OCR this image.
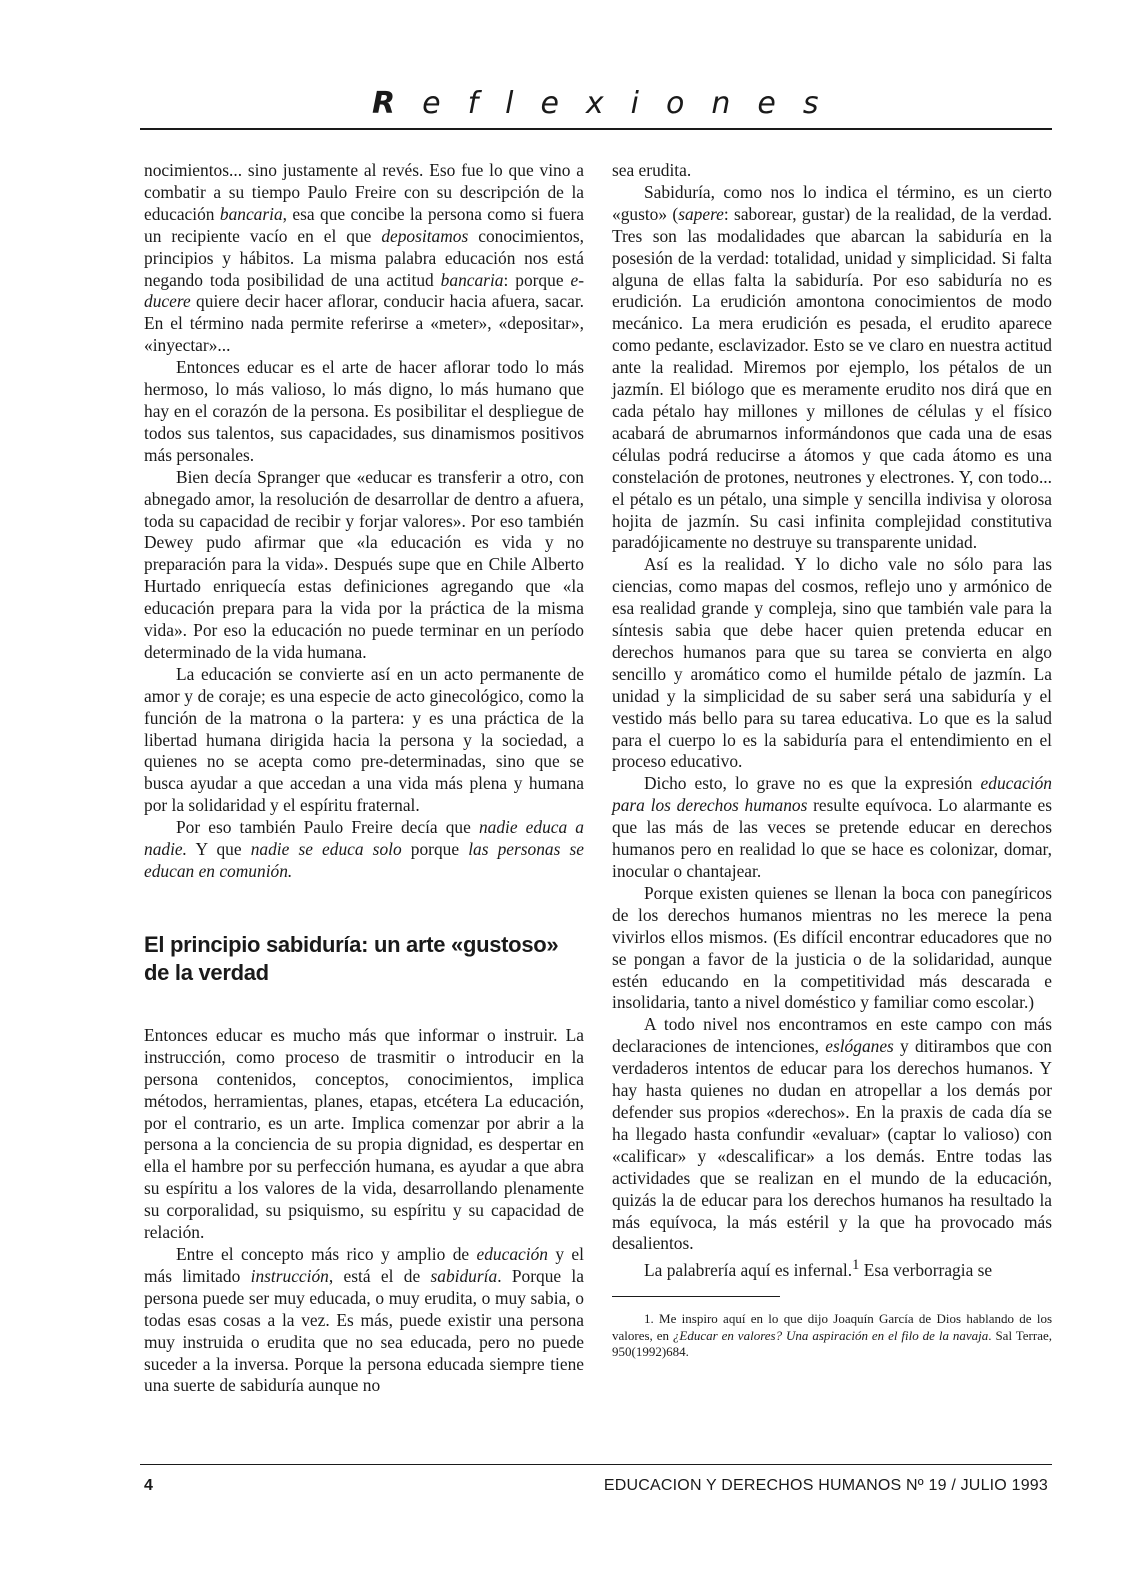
Reflexiones

nocimientos... sino justamente al revés. Eso fue lo que vino a combatir a su tiempo Paulo Freire con su descripción de la educación bancaria, esa que concibe la persona como si fuera un recipiente vacío en el que depositamos conocimientos, principios y hábitos. La misma palabra educación nos está negando toda posibilidad de una actitud bancaria: porque e-ducere quiere decir hacer aflorar, conducir hacia afuera, sacar. En el término nada permite referirse a «meter», «depositar», «inyectar»...

Entonces educar es el arte de hacer aflorar todo lo más hermoso, lo más valioso, lo más digno, lo más humano que hay en el corazón de la persona. Es posibilitar el despliegue de todos sus talentos, sus capacidades, sus dinamismos positivos más personales.

Bien decía Spranger que «educar es transferir a otro, con abnegado amor, la resolución de desarrollar de dentro a afuera, toda su capacidad de recibir y forjar valores». Por eso también Dewey pudo afirmar que «la educación es vida y no preparación para la vida». Después supe que en Chile Alberto Hurtado enriquecía estas definiciones agregando que «la educación prepara para la vida por la práctica de la misma vida». Por eso la educación no puede terminar en un período determinado de la vida humana.

La educación se convierte así en un acto permanente de amor y de coraje; es una especie de acto ginecológico, como la función de la matrona o la partera: y es una práctica de la libertad humana dirigida hacia la persona y la sociedad, a quienes no se acepta como pre-determinadas, sino que se busca ayudar a que accedan a una vida más plena y humana por la solidaridad y el espíritu fraternal.

Por eso también Paulo Freire decía que nadie educa a nadie. Y que nadie se educa solo porque las personas se educan en comunión.

El principio sabiduría: un arte «gustoso» de la verdad

Entonces educar es mucho más que informar o instruir. La instrucción, como proceso de trasmitir o introducir en la persona contenidos, conceptos, conocimientos, implica métodos, herramientas, planes, etapas, etcétera La educación, por el contrario, es un arte. Implica comenzar por abrir a la persona a la conciencia de su propia dignidad, es despertar en ella el hambre por su perfección humana, es ayudar a que abra su espíritu a los valores de la vida, desarrollando plenamente su corporalidad, su psiquismo, su espíritu y su capacidad de relación.

Entre el concepto más rico y amplio de educación y el más limitado instrucción, está el de sabiduría. Porque la persona puede ser muy educada, o muy erudita, o muy sabia, o todas esas cosas a la vez. Es más, puede existir una persona muy instruida o erudita que no sea educada, pero no puede suceder a la inversa. Porque la persona educada siempre tiene una suerte de sabiduría aunque no

sea erudita.

Sabiduría, como nos lo indica el término, es un cierto «gusto» (sapere: saborear, gustar) de la realidad, de la verdad. Tres son las modalidades que abarcan la sabiduría en la posesión de la verdad: totalidad, unidad y simplicidad. Si falta alguna de ellas falta la sabiduría. Por eso sabiduría no es erudición. La erudición amontona conocimientos de modo mecánico. La mera erudición es pesada, el erudito aparece como pedante, esclavizador. Esto se ve claro en nuestra actitud ante la realidad. Miremos por ejemplo, los pétalos de un jazmín. El biólogo que es meramente erudito nos dirá que en cada pétalo hay millones y millones de células y el físico acabará de abrumarnos informándonos que cada una de esas células podrá reducirse a átomos y que cada átomo es una constelación de protones, neutrones y electrones. Y, con todo... el pétalo es un pétalo, una simple y sencilla indivisa y olorosa hojita de jazmín. Su casi infinita complejidad constitutiva paradójicamente no destruye su transparente unidad.

Así es la realidad. Y lo dicho vale no sólo para las ciencias, como mapas del cosmos, reflejo uno y armónico de esa realidad grande y compleja, sino que también vale para la síntesis sabia que debe hacer quien pretenda educar en derechos humanos para que su tarea se convierta en algo sencillo y aromático como el humilde pétalo de jazmín. La unidad y la simplicidad de su saber será una sabiduría y el vestido más bello para su tarea educativa. Lo que es la salud para el cuerpo lo es la sabiduría para el entendimiento en el proceso educativo.

Dicho esto, lo grave no es que la expresión educación para los derechos humanos resulte equívoca. Lo alarmante es que las más de las veces se pretende educar en derechos humanos pero en realidad lo que se hace es colonizar, domar, inocular o chantajear.

Porque existen quienes se llenan la boca con panegíricos de los derechos humanos mientras no les merece la pena vivirlos ellos mismos. (Es difícil encontrar educadores que no se pongan a favor de la justicia o de la solidaridad, aunque estén educando en la competitividad más descarada e insolidaria, tanto a nivel doméstico y familiar como escolar.)

A todo nivel nos encontramos en este campo con más declaraciones de intenciones, eslóganes y ditirambos que con verdaderos intentos de educar para los derechos humanos. Y hay hasta quienes no dudan en atropellar a los demás por defender sus propios «derechos». En la praxis de cada día se ha llegado hasta confundir «evaluar» (captar lo valioso) con «calificar» y «descalificar» a los demás. Entre todas las actividades que se realizan en el mundo de la educación, quizás la de educar para los derechos humanos ha resultado la más equívoca, la más estéril y la que ha provocado más desalientos.

La palabrería aquí es infernal.$^1$ Esa verborragia se

1. Me inspiro aquí en lo que dijo Joaquín García de Dios hablando de los valores, en ¿Educar en valores? Una aspiración en el filo de la navaja. Sal Terrae, 950(1992)684.

4	EDUCACION Y DERECHOS HUMANOS Nº 19 / JULIO 1993
